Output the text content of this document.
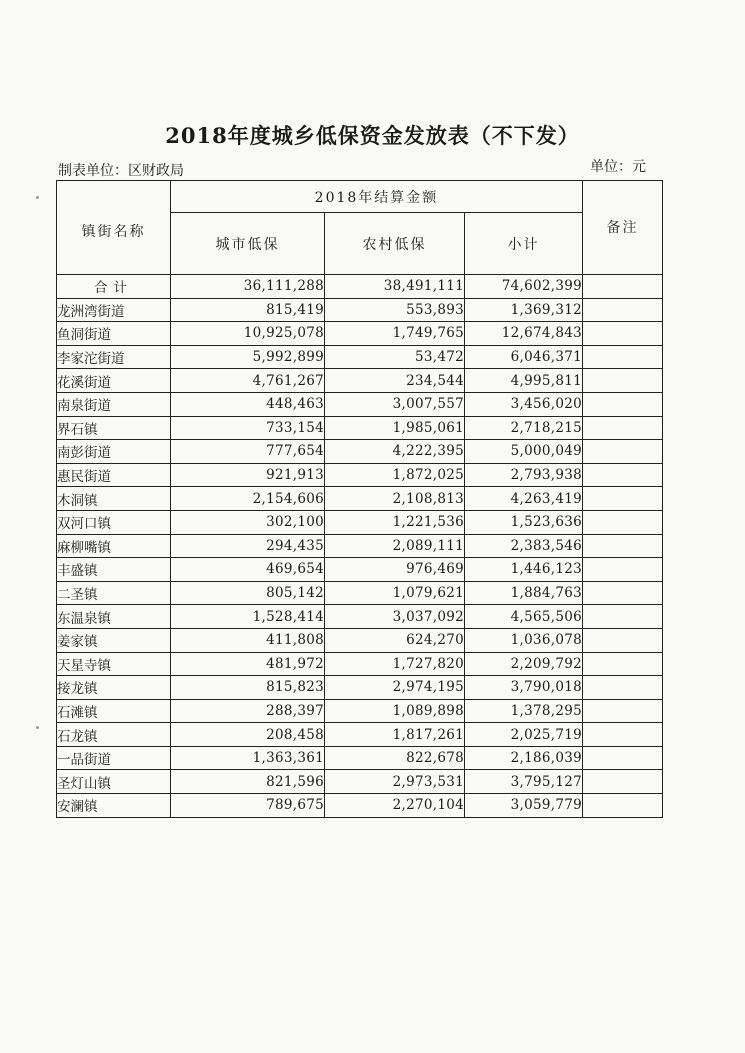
2018年度城乡低保资金发放表（不下发）
制表单位：区财政局	单位：元
镇街名称	2018年结算金额			备注
	城市低保	农村低保	小计	
合计	36,111,288	38,491,111	74,602,399	
龙洲湾街道	815,419	553,893	1,369,312	
鱼洞街道	10,925,078	1,749,765	12,674,843	
李家沱街道	5,992,899	53,472	6,046,371	
花溪街道	4,761,267	234,544	4,995,811	
南泉街道	448,463	3,007,557	3,456,020	
界石镇	733,154	1,985,061	2,718,215	
南彭街道	777,654	4,222,395	5,000,049	
惠民街道	921,913	1,872,025	2,793,938	
木洞镇	2,154,606	2,108,813	4,263,419	
双河口镇	302,100	1,221,536	1,523,636	
麻柳嘴镇	294,435	2,089,111	2,383,546	
丰盛镇	469,654	976,469	1,446,123	
二圣镇	805,142	1,079,621	1,884,763	
东温泉镇	1,528,414	3,037,092	4,565,506	
姜家镇	411,808	624,270	1,036,078	
天星寺镇	481,972	1,727,820	2,209,792	
接龙镇	815,823	2,974,195	3,790,018	
石滩镇	288,397	1,089,898	1,378,295	
石龙镇	208,458	1,817,261	2,025,719	
一品街道	1,363,361	822,678	2,186,039	
圣灯山镇	821,596	2,973,531	3,795,127	
安澜镇	789,675	2,270,104	3,059,779	
